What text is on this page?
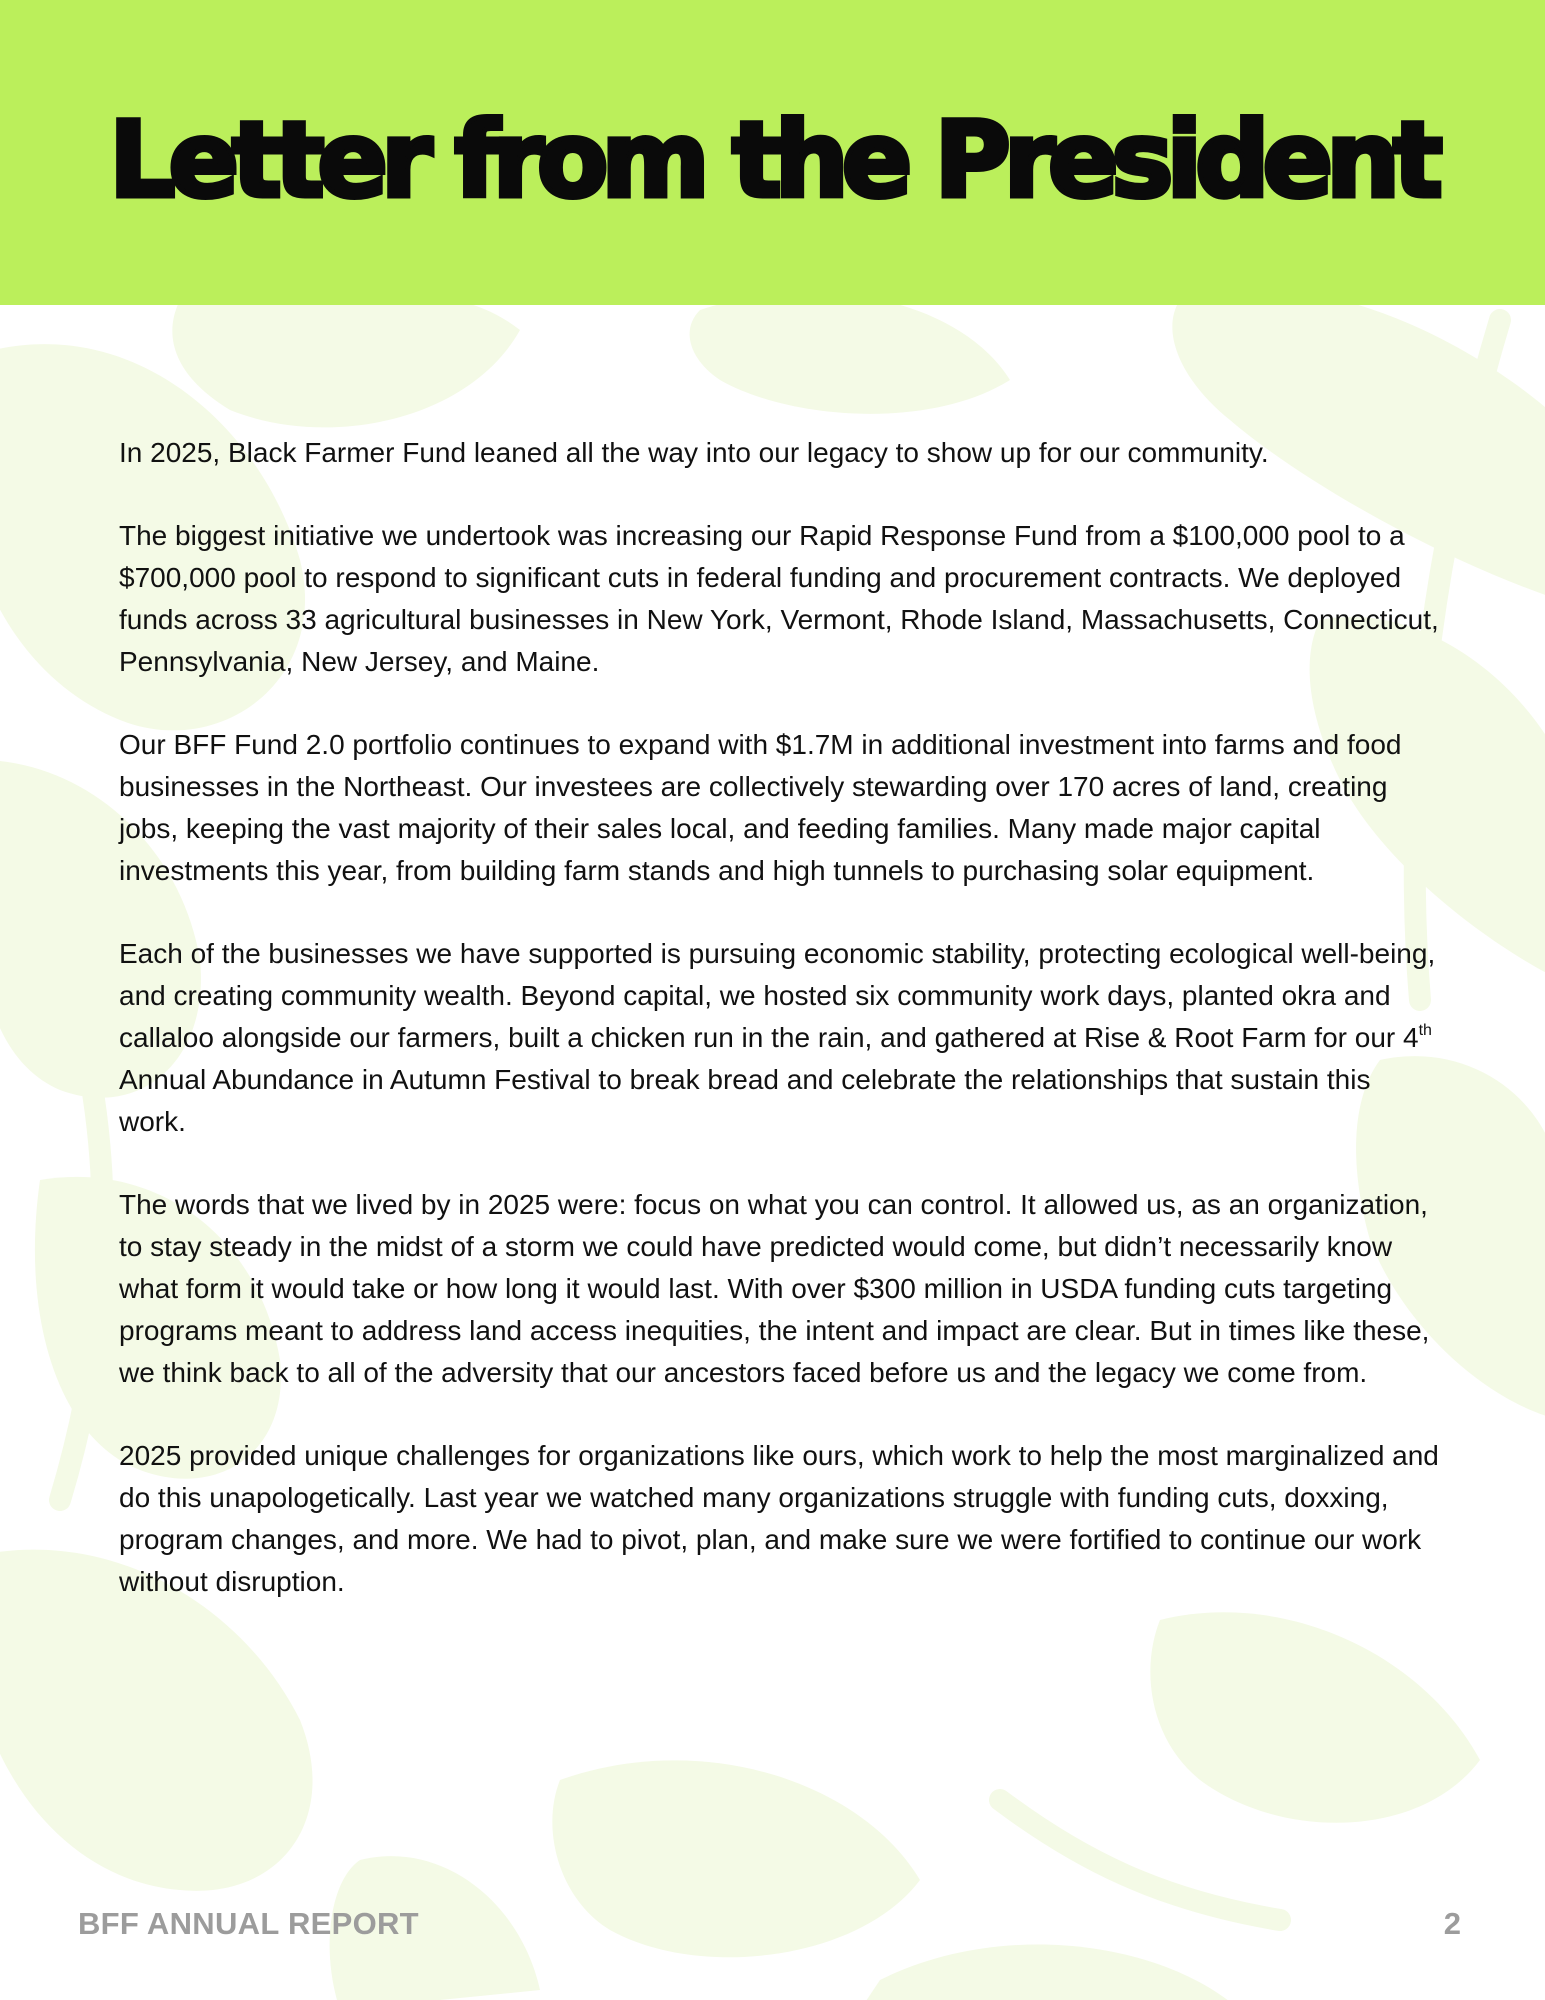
Letter from the President

In 2025, Black Farmer Fund leaned all the way into our legacy to show up for our community.

The biggest initiative we undertook was increasing our Rapid Response Fund from a $100,000 pool to a $700,000 pool to respond to significant cuts in federal funding and procurement contracts. We deployed funds across 33 agricultural businesses in New York, Vermont, Rhode Island, Massachusetts, Connecticut, Pennsylvania, New Jersey, and Maine.

Our BFF Fund 2.0 portfolio continues to expand with $1.7M in additional investment into farms and food businesses in the Northeast. Our investees are collectively stewarding over 170 acres of land, creating jobs, keeping the vast majority of their sales local, and feeding families. Many made major capital investments this year, from building farm stands and high tunnels to purchasing solar equipment.

Each of the businesses we have supported is pursuing economic stability, protecting ecological well-being, and creating community wealth. Beyond capital, we hosted six community work days, planted okra and callaloo alongside our farmers, built a chicken run in the rain, and gathered at Rise & Root Farm for our 4th Annual Abundance in Autumn Festival to break bread and celebrate the relationships that sustain this work.

The words that we lived by in 2025 were: focus on what you can control. It allowed us, as an organization, to stay steady in the midst of a storm we could have predicted would come, but didn’t necessarily know what form it would take or how long it would last. With over $300 million in USDA funding cuts targeting programs meant to address land access inequities, the intent and impact are clear. But in times like these, we think back to all of the adversity that our ancestors faced before us and the legacy we come from.

2025 provided unique challenges for organizations like ours, which work to help the most marginalized and do this unapologetically. Last year we watched many organizations struggle with funding cuts, doxxing, program changes, and more. We had to pivot, plan, and make sure we were fortified to continue our work without disruption.

BFF ANNUAL REPORT	2
